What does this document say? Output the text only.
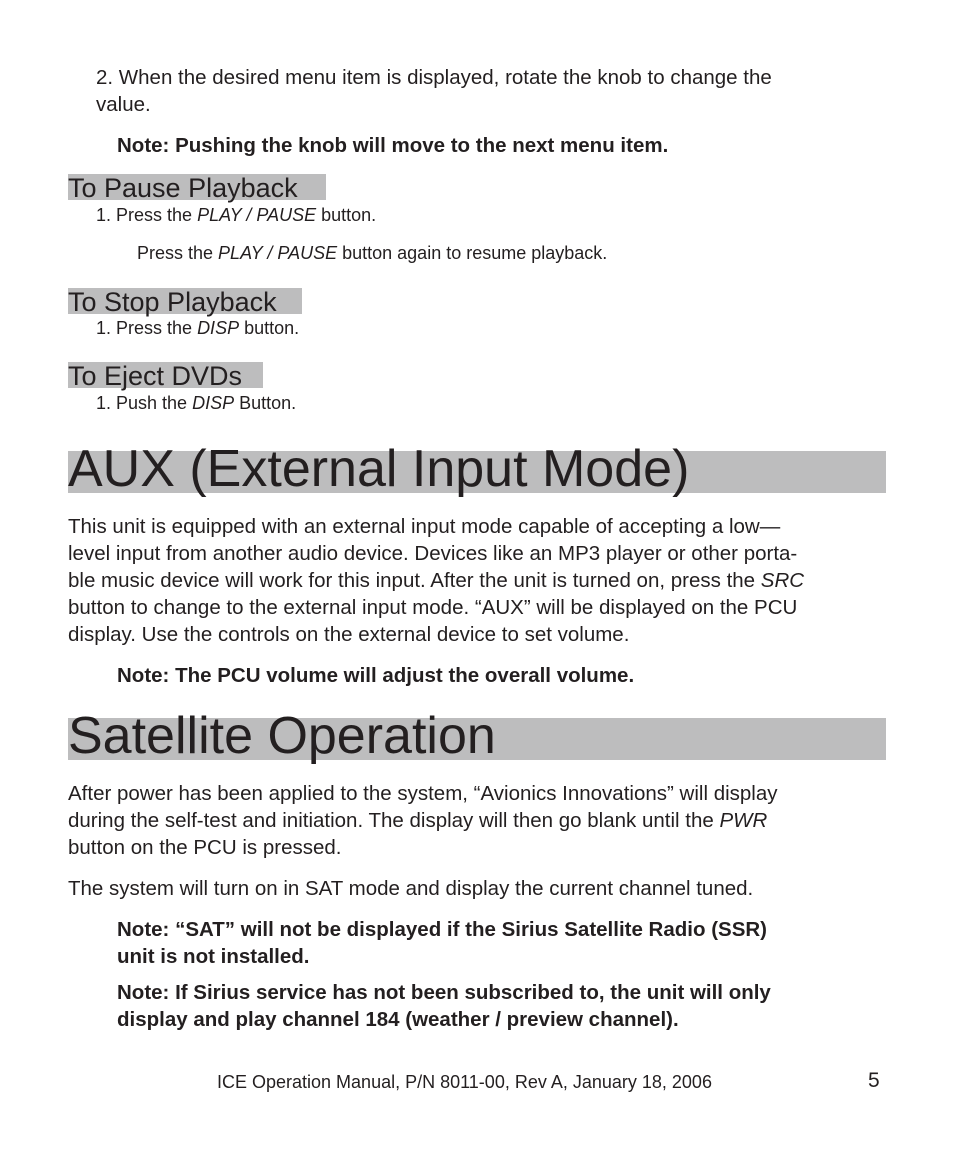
2. When the desired menu item is displayed, rotate the knob to change the

value.

Note: Pushing the knob will move to the next menu item.

To Pause Playback

1. Press the PLAY / PAUSE button.

Press the PLAY / PAUSE button again to resume playback.

To Stop Playback

1. Press the DISP button.

To Eject DVDs

1. Push the DISP Button.

AUX (External Input Mode)

This unit is equipped with an external input mode capable of accepting a low—

level input from another audio device. Devices like an MP3 player or other porta-

ble music device will work for this input. After the unit is turned on, press the SRC

button to change to the external input mode. “AUX” will be displayed on the PCU

display. Use the controls on the external device to set volume.

Note: The PCU volume will adjust the overall volume.

Satellite Operation

After power has been applied to the system, “Avionics Innovations” will display

during the self-test and initiation. The display will then go blank until the PWR

button on the PCU is pressed.

The system will turn on in SAT mode and display the current channel tuned.

Note: “SAT” will not be displayed if the Sirius Satellite Radio (SSR)

unit is not installed.

Note: If Sirius service has not been subscribed to, the unit will only

display and play channel 184 (weather / preview channel).

ICE Operation Manual, P/N 8011-00, Rev A, January 18, 2006	5
